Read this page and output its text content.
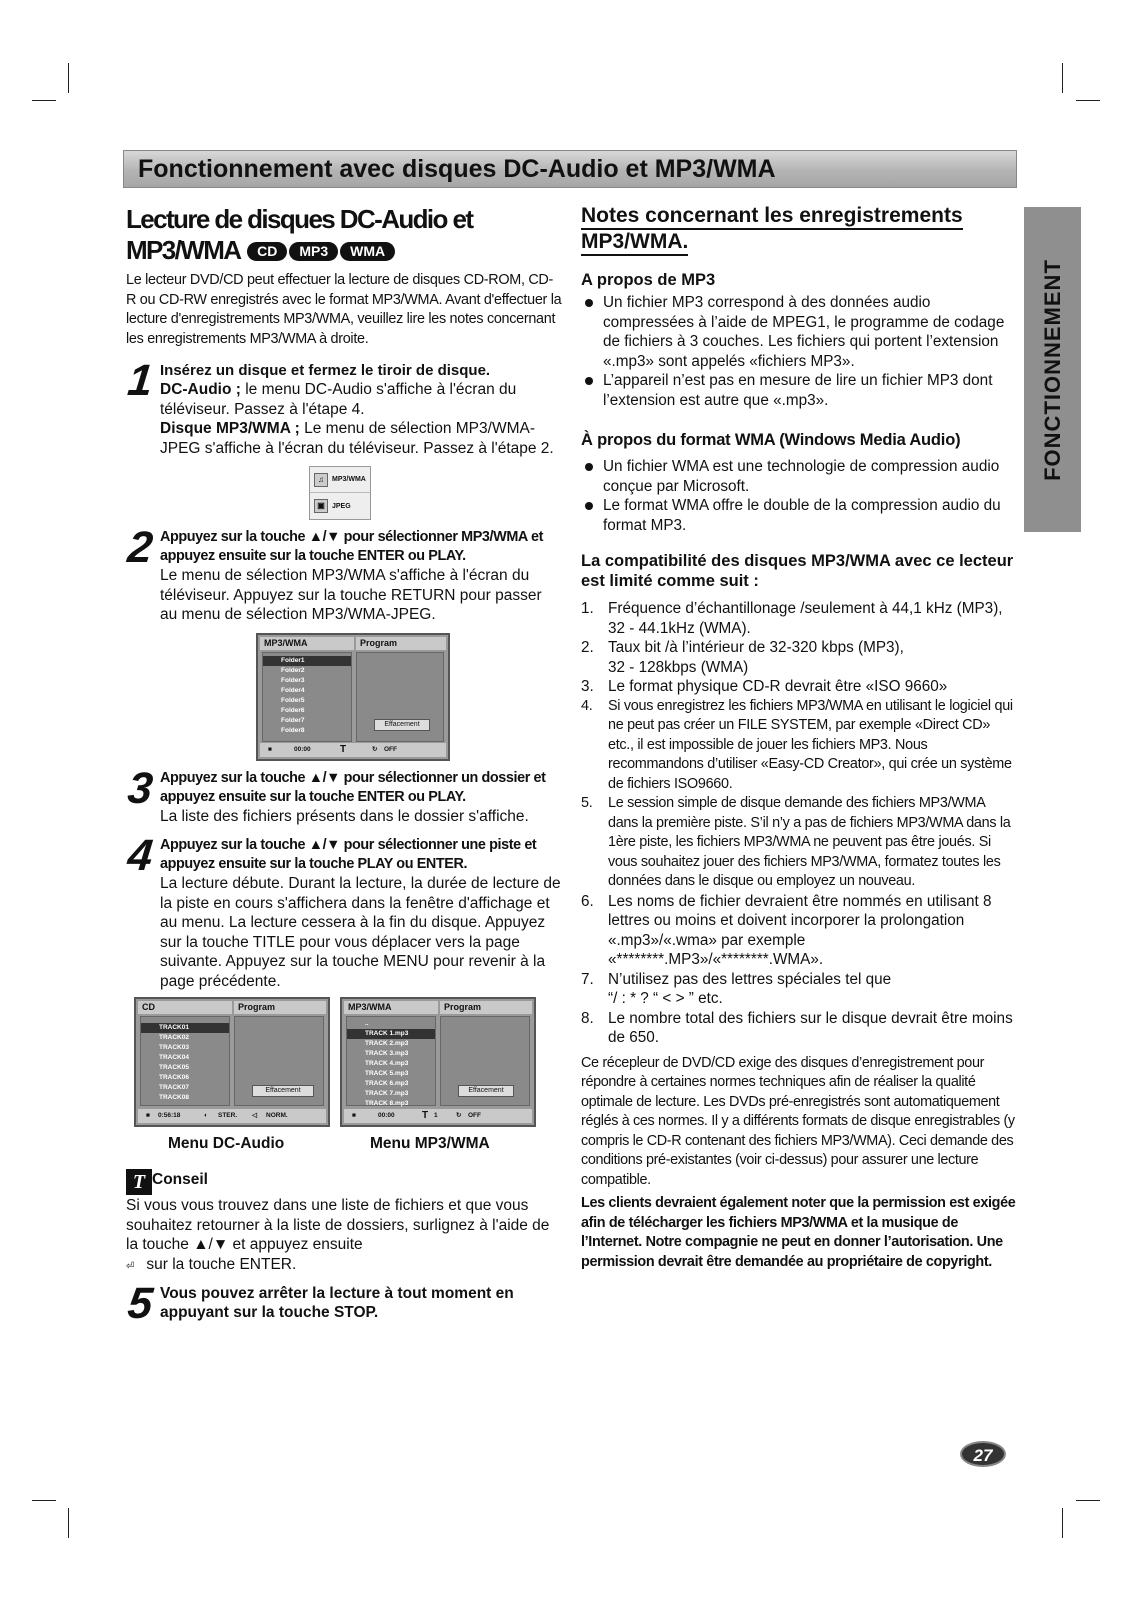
Fonctionnement avec disques DC-Audio et MP3/WMA
FONCTIONNEMENT
Lecture de disques DC-Audio et
MP3/WMA CD MP3 WMA

Le lecteur DVD/CD peut effectuer la lecture de disques CD-ROM, CD-R ou CD-RW enregistrés avec le format MP3/WMA. Avant d'effectuer la lecture d'enregistrements MP3/WMA, veuillez lire les notes concernant les enregistrements MP3/WMA à droite.

1 Insérez un disque et fermez le tiroir de disque.
DC-Audio ; le menu DC-Audio s'affiche à l'écran du téléviseur. Passez à l'étape 4.
Disque MP3/WMA ; Le menu de sélection MP3/WMA-JPEG s'affiche à l'écran du téléviseur. Passez à l'étape 2.
♫	MP3/WMA
▣	JPEG
2 Appuyez sur la touche ▲/▼ pour sélectionner MP3/WMA et appuyez ensuite sur la touche ENTER ou PLAY.
Le menu de sélection MP3/WMA s'affiche à l'écran du téléviseur. Appuyez sur la touche RETURN pour passer au menu de sélection MP3/WMA-JPEG.
MP3/WMA	Program
Folder1
Folder2
Folder3
Folder4
Folder5
Folder6
Folder7
Folder8
Effacement
■	00:00	T	↻ OFF
3 Appuyez sur la touche ▲/▼ pour sélectionner un dossier et appuyez ensuite sur la touche ENTER ou PLAY.
La liste des fichiers présents dans le dossier s'affiche.
4 Appuyez sur la touche ▲/▼ pour sélectionner une piste et appuyez ensuite sur la touche PLAY ou ENTER.
La lecture débute. Durant la lecture, la durée de lecture de la piste en cours s'affichera dans la fenêtre d'affichage et au menu. La lecture cessera à la fin du disque. Appuyez sur la touche TITLE pour vous déplacer vers la page suivante. Appuyez sur la touche MENU pour revenir à la page précédente.
CD	Program
TRACK01
TRACK02
TRACK03
TRACK04
TRACK05
TRACK06
TRACK07
TRACK08
Effacement
■ 0:56:18	◐ STER. ◁ NORM.
MP3/WMA	Program
..
TRACK 1.mp3
TRACK 2.mp3
TRACK 3.mp3
TRACK 4.mp3
TRACK 5.mp3
TRACK 6.mp3
TRACK 7.mp3
TRACK 8.mp3
Effacement
■	00:00	T 1	↻ OFF
Menu DC-Audio	Menu MP3/WMA
T Conseil
Si vous vous trouvez dans une liste de fichiers et que vous souhaitez retourner à la liste de dossiers, surlignez à l'aide de la touche ▲/▼ et appuyez ensuite
⏎ sur la touche ENTER.
5 Vous pouvez arrêter la lecture à tout moment en appuyant sur la touche STOP.
Notes concernant les enregistrements MP3/WMA.
A propos de MP3
Un fichier MP3 correspond à des données audio compressées à l’aide de MPEG1, le programme de codage de fichiers à 3 couches. Les fichiers qui portent l’extension «.mp3» sont appelés «fichiers MP3».
L’appareil n’est pas en mesure de lire un fichier MP3 dont l’extension est autre que «.mp3».
À propos du format WMA (Windows Media Audio)
Un fichier WMA est une technologie de compression audio conçue par Microsoft.
Le format WMA offre le double de la compression audio du format MP3.
La compatibilité des disques MP3/WMA avec ce lecteur est limité comme suit :
1. Fréquence d’échantillonage /seulement à 44,1 kHz (MP3),
32 - 44.1kHz (WMA).
2. Taux bit /à l’intérieur de 32-320 kbps (MP3),
32 - 128kbps (WMA)
3. Le format physique CD-R devrait être «ISO 9660»
4. Si vous enregistrez les fichiers MP3/WMA en utilisant le logiciel qui ne peut pas créer un FILE SYSTEM, par exemple «Direct CD» etc., il est impossible de jouer les fichiers MP3. Nous recommandons d’utiliser «Easy-CD Creator», qui crée un système de fichiers ISO9660.
5. Le session simple de disque demande des fichiers MP3/WMA dans la première piste. S’il n’y a pas de fichiers MP3/WMA dans la 1ère piste, les fichiers MP3/WMA ne peuvent pas être joués. Si vous souhaitez jouer des fichiers MP3/WMA, formatez toutes les données dans le disque ou employez un nouveau.
6. Les noms de fichier devraient être nommés en utilisant 8 lettres ou moins et doivent incorporer la prolongation «.mp3»/«.wma» par exemple «********.MP3»/«********.WMA».
7. N’utilisez pas des lettres spéciales tel que
“/ : * ? “ < > ” etc.
8. Le nombre total des fichiers sur le disque devrait être moins de 650.

Ce récepleur de DVD/CD exige des disques d’enregistrement pour répondre à certaines normes techniques afin de réaliser la qualité optimale de lecture. Les DVDs pré-enregistrés sont automatiquement réglés à ces normes. Il y a différents formats de disque enregistrables (y compris le CD-R contenant des fichiers MP3/WMA). Ceci demande des conditions pré-existantes (voir ci-dessus) pour assurer une lecture compatible.

Les clients devraient également noter que la permission est exigée afin de télécharger les fichiers MP3/WMA et la musique de l’Internet. Notre compagnie ne peut en donner l’autorisation. Une permission devrait être demandée au propriétaire de copyright.

27
